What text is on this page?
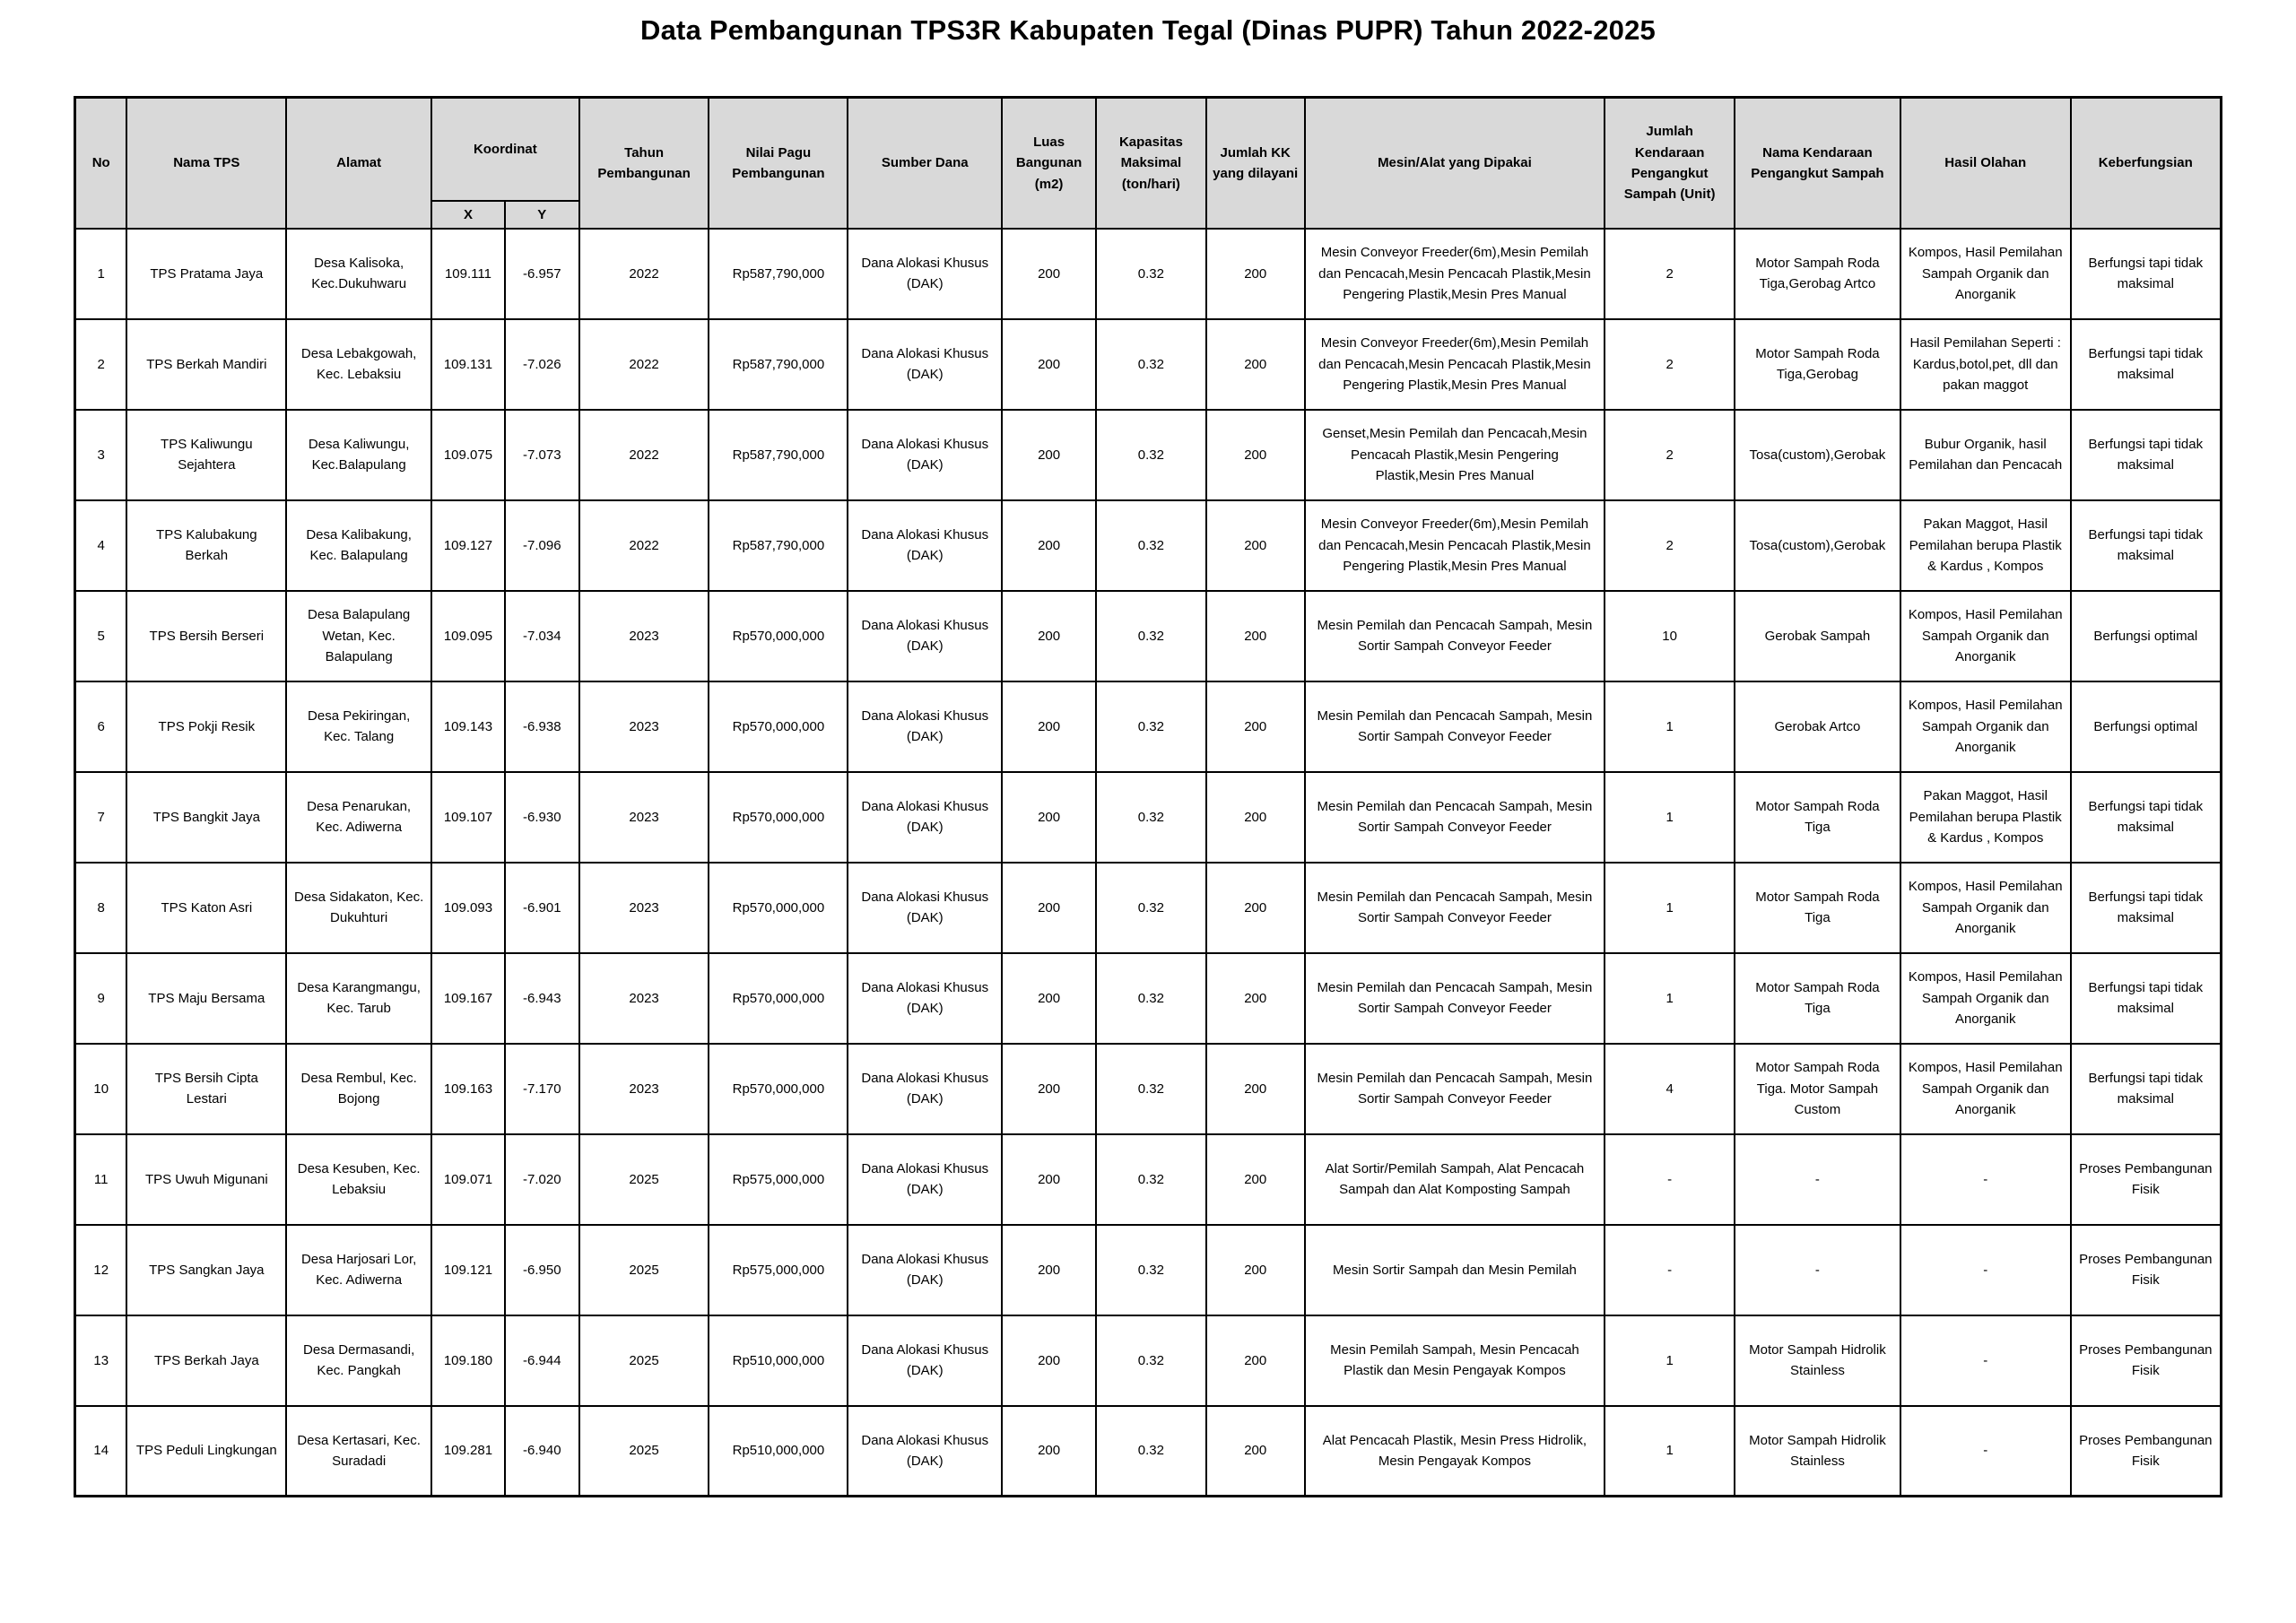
Data Pembangunan TPS3R Kabupaten Tegal (Dinas PUPR) Tahun 2022-2025
No	Nama TPS	Alamat	Koordinat		Tahun Pembangunan	Nilai Pagu Pembangunan	Sumber Dana	Luas Bangunan (m2)	Kapasitas Maksimal (ton/hari)	Jumlah KK yang dilayani	Mesin/Alat yang Dipakai	Jumlah Kendaraan Pengangkut Sampah (Unit)	Nama Kendaraan Pengangkut Sampah	Hasil Olahan	Keberfungsian
			X	Y											
1	TPS Pratama Jaya	Desa Kalisoka, Kec.Dukuhwaru	109.111	-6.957	2022	Rp587,790,000	Dana Alokasi Khusus (DAK)	200	0.32	200	Mesin Conveyor Freeder(6m),Mesin Pemilah dan Pencacah,Mesin Pencacah Plastik,Mesin Pengering Plastik,Mesin Pres Manual	2	Motor Sampah Roda Tiga,Gerobag Artco	Kompos, Hasil Pemilahan Sampah Organik dan Anorganik	Berfungsi tapi tidak maksimal
2	TPS Berkah Mandiri	Desa Lebakgowah, Kec. Lebaksiu	109.131	-7.026	2022	Rp587,790,000	Dana Alokasi Khusus (DAK)	200	0.32	200	Mesin Conveyor Freeder(6m),Mesin Pemilah dan Pencacah,Mesin Pencacah Plastik,Mesin Pengering Plastik,Mesin Pres Manual	2	Motor Sampah Roda Tiga,Gerobag	Hasil Pemilahan Seperti : Kardus,botol,pet, dll dan pakan maggot	Berfungsi tapi tidak maksimal
3	TPS Kaliwungu Sejahtera	Desa Kaliwungu, Kec.Balapulang	109.075	-7.073	2022	Rp587,790,000	Dana Alokasi Khusus (DAK)	200	0.32	200	Genset,Mesin Pemilah dan Pencacah,Mesin Pencacah Plastik,Mesin Pengering Plastik,Mesin Pres Manual	2	Tosa(custom),Gerobak	Bubur Organik, hasil Pemilahan dan Pencacah	Berfungsi tapi tidak maksimal
4	TPS Kalubakung Berkah	Desa Kalibakung, Kec. Balapulang	109.127	-7.096	2022	Rp587,790,000	Dana Alokasi Khusus (DAK)	200	0.32	200	Mesin Conveyor Freeder(6m),Mesin Pemilah dan Pencacah,Mesin Pencacah Plastik,Mesin Pengering Plastik,Mesin Pres Manual	2	Tosa(custom),Gerobak	Pakan Maggot, Hasil Pemilahan berupa Plastik & Kardus , Kompos	Berfungsi tapi tidak maksimal
5	TPS Bersih Berseri	Desa Balapulang Wetan, Kec. Balapulang	109.095	-7.034	2023	Rp570,000,000	Dana Alokasi Khusus (DAK)	200	0.32	200	Mesin Pemilah dan Pencacah Sampah, Mesin Sortir Sampah Conveyor Feeder	10	Gerobak Sampah	Kompos, Hasil Pemilahan Sampah Organik dan Anorganik	Berfungsi optimal
6	TPS Pokji Resik	Desa Pekiringan, Kec. Talang	109.143	-6.938	2023	Rp570,000,000	Dana Alokasi Khusus (DAK)	200	0.32	200	Mesin Pemilah dan Pencacah Sampah, Mesin Sortir Sampah Conveyor Feeder	1	Gerobak Artco	Kompos, Hasil Pemilahan Sampah Organik dan Anorganik	Berfungsi optimal
7	TPS Bangkit Jaya	Desa Penarukan, Kec. Adiwerna	109.107	-6.930	2023	Rp570,000,000	Dana Alokasi Khusus (DAK)	200	0.32	200	Mesin Pemilah dan Pencacah Sampah, Mesin Sortir Sampah Conveyor Feeder	1	Motor Sampah Roda Tiga	Pakan Maggot, Hasil Pemilahan berupa Plastik & Kardus , Kompos	Berfungsi tapi tidak maksimal
8	TPS Katon Asri	Desa Sidakaton, Kec. Dukuhturi	109.093	-6.901	2023	Rp570,000,000	Dana Alokasi Khusus (DAK)	200	0.32	200	Mesin Pemilah dan Pencacah Sampah, Mesin Sortir Sampah Conveyor Feeder	1	Motor Sampah Roda Tiga	Kompos, Hasil Pemilahan Sampah Organik dan Anorganik	Berfungsi tapi tidak maksimal
9	TPS Maju Bersama	Desa Karangmangu, Kec. Tarub	109.167	-6.943	2023	Rp570,000,000	Dana Alokasi Khusus (DAK)	200	0.32	200	Mesin Pemilah dan Pencacah Sampah, Mesin Sortir Sampah Conveyor Feeder	1	Motor Sampah Roda Tiga	Kompos, Hasil Pemilahan Sampah Organik dan Anorganik	Berfungsi tapi tidak maksimal
10	TPS Bersih Cipta Lestari	Desa Rembul, Kec. Bojong	109.163	-7.170	2023	Rp570,000,000	Dana Alokasi Khusus (DAK)	200	0.32	200	Mesin Pemilah dan Pencacah Sampah, Mesin Sortir Sampah Conveyor Feeder	4	Motor Sampah Roda Tiga. Motor Sampah Custom	Kompos, Hasil Pemilahan Sampah Organik dan Anorganik	Berfungsi tapi tidak maksimal
11	TPS Uwuh Migunani	Desa Kesuben, Kec. Lebaksiu	109.071	-7.020	2025	Rp575,000,000	Dana Alokasi Khusus (DAK)	200	0.32	200	Alat Sortir/Pemilah Sampah, Alat Pencacah Sampah dan Alat Komposting Sampah	-	-	-	Proses Pembangunan Fisik
12	TPS Sangkan Jaya	Desa Harjosari Lor, Kec. Adiwerna	109.121	-6.950	2025	Rp575,000,000	Dana Alokasi Khusus (DAK)	200	0.32	200	Mesin Sortir Sampah dan Mesin Pemilah	-	-	-	Proses Pembangunan Fisik
13	TPS Berkah Jaya	Desa Dermasandi, Kec. Pangkah	109.180	-6.944	2025	Rp510,000,000	Dana Alokasi Khusus (DAK)	200	0.32	200	Mesin Pemilah Sampah, Mesin Pencacah Plastik dan Mesin Pengayak Kompos	1	Motor Sampah Hidrolik Stainless	-	Proses Pembangunan Fisik
14	TPS Peduli Lingkungan	Desa Kertasari, Kec. Suradadi	109.281	-6.940	2025	Rp510,000,000	Dana Alokasi Khusus (DAK)	200	0.32	200	Alat Pencacah Plastik, Mesin Press Hidrolik, Mesin Pengayak Kompos	1	Motor Sampah Hidrolik Stainless	-	Proses Pembangunan Fisik
